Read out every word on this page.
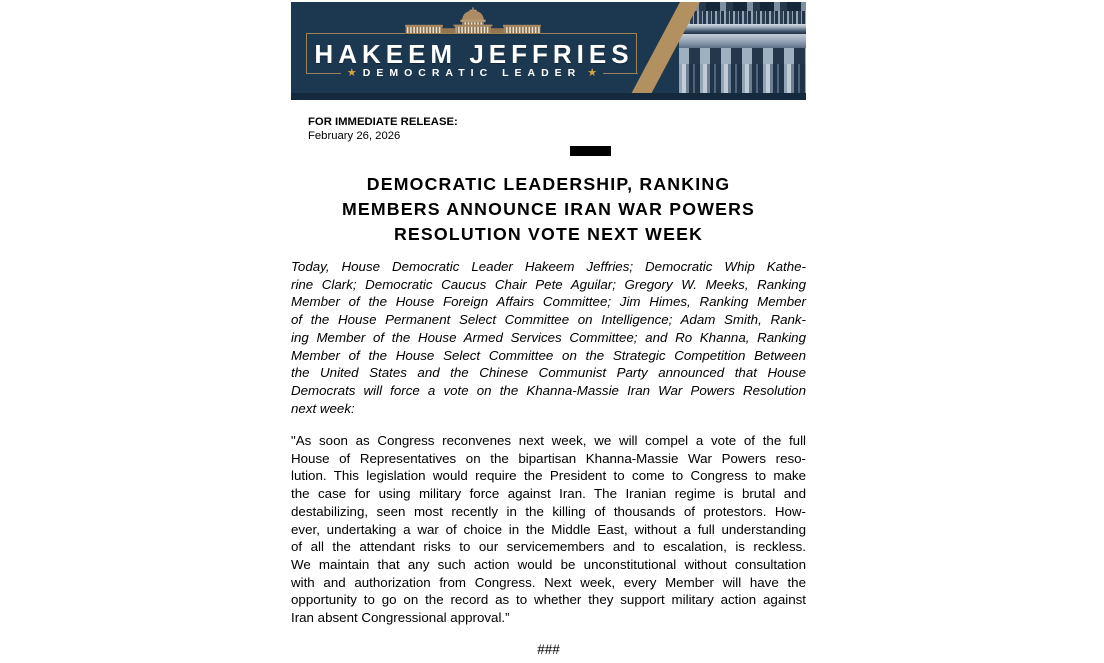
HAKEEM JEFFRIES
★ DEMOCRATIC LEADER ★
FOR IMMEDIATE RELEASE:
February 26, 2026
DEMOCRATIC LEADERSHIP, RANKING
MEMBERS ANNOUNCE IRAN WAR POWERS
RESOLUTION VOTE NEXT WEEK
Today, House Democratic Leader Hakeem Jeffries; Democratic Whip Kathe-
rine Clark; Democratic Caucus Chair Pete Aguilar; Gregory W. Meeks, Ranking
Member of the House Foreign Affairs Committee; Jim Himes, Ranking Member
of the House Permanent Select Committee on Intelligence; Adam Smith, Rank-
ing Member of the House Armed Services Committee; and Ro Khanna, Ranking
Member of the House Select Committee on the Strategic Competition Between
the United States and the Chinese Communist Party announced that House
Democrats will force a vote on the Khanna-Massie Iran War Powers Resolution
next week:
"As soon as Congress reconvenes next week, we will compel a vote of the full
House of Representatives on the bipartisan Khanna-Massie War Powers reso-
lution. This legislation would require the President to come to Congress to make
the case for using military force against Iran. The Iranian regime is brutal and
destabilizing, seen most recently in the killing of thousands of protestors. How-
ever, undertaking a war of choice in the Middle East, without a full understanding
of all the attendant risks to our servicemembers and to escalation, is reckless.
We maintain that any such action would be unconstitutional without consultation
with and authorization from Congress. Next week, every Member will have the
opportunity to go on the record as to whether they support military action against
Iran absent Congressional approval.”
###
